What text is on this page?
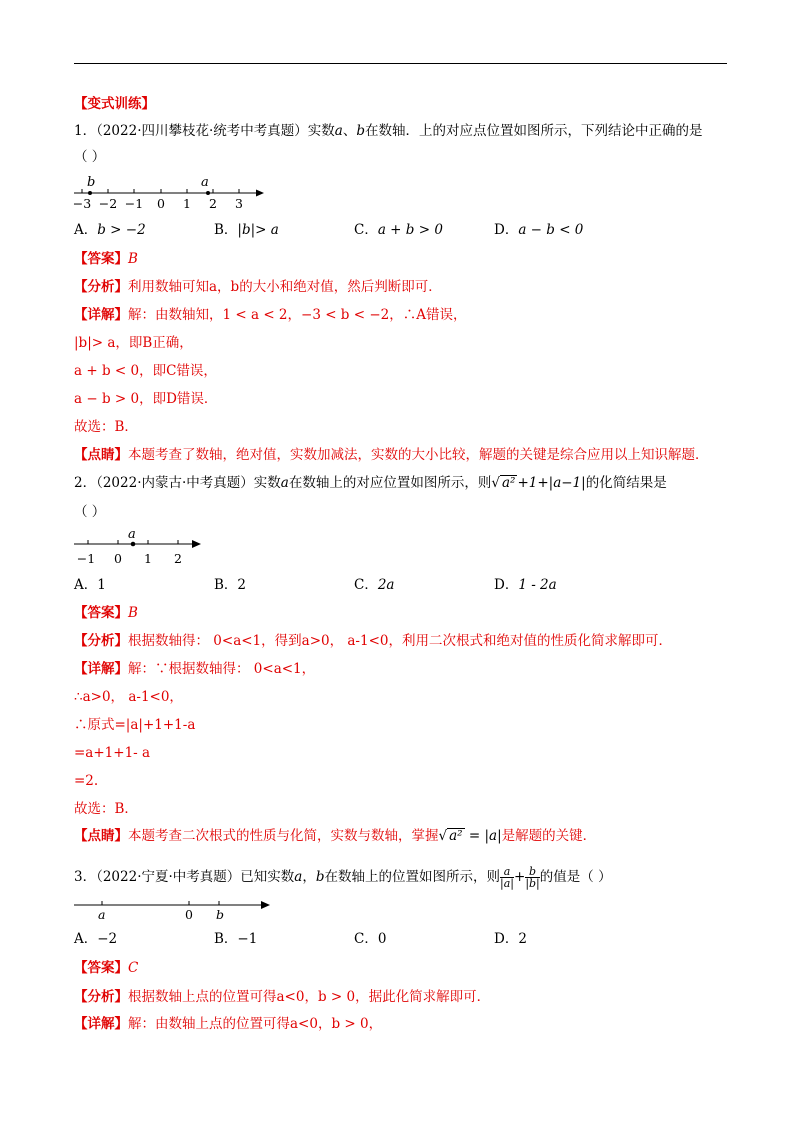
【变式训练】
1．（2022·四川攀枝花·统考中考真题）实数a、b在数轴．上的对应点位置如图所示，下列结论中正确的是
（ ）
b	a
−3 −2 −1 0 1 2 3
A．b > −2	B．|b|> a	C．a + b > 0	D．a − b < 0
【答案】B
【分析】利用数轴可知a，b的大小和绝对值，然后判断即可．
【详解】解：由数轴知，1 < a < 2，−3 < b < −2，∴A错误，
|b|> a，即B正确，
a + b < 0，即C错误，
a − b > 0，即D错误．
故选：B．
【点睛】本题考查了数轴，绝对值，实数加减法，实数的大小比较，解题的关键是综合应用以上知识解题．
2．（2022·内蒙古·中考真题）实数a在数轴上的对应位置如图所示，则√ a² +1+|a−1|的化简结果是
（ ）
a
−1 0 1 2
A．1	B．2	C．2a	D．1 - 2a
【答案】B
【分析】根据数轴得： 0<a<1，得到a>0， a-1<0，利用二次根式和绝对值的性质化简求解即可．
【详解】解：∵根据数轴得： 0<a<1，
∴a>0， a-1<0，
∴原式=|a|+1+1-a
=a+1+1- a
=2.
故选：B．
【点睛】本题考查二次根式的性质与化简，实数与数轴，掌握√ a² = |a|是解题的关键．
3．（2022·宁夏·中考真题）已知实数a，b在数轴上的位置如图所示，则 $\frac{a}{|a|} + \frac{b}{|b|}$ 的值是（ ）
a	0 b
A．−2	B．−1	C．0	D．2
【答案】C
【分析】根据数轴上点的位置可得a<0，b > 0，据此化简求解即可．
【详解】解：由数轴上点的位置可得a<0，b > 0，
